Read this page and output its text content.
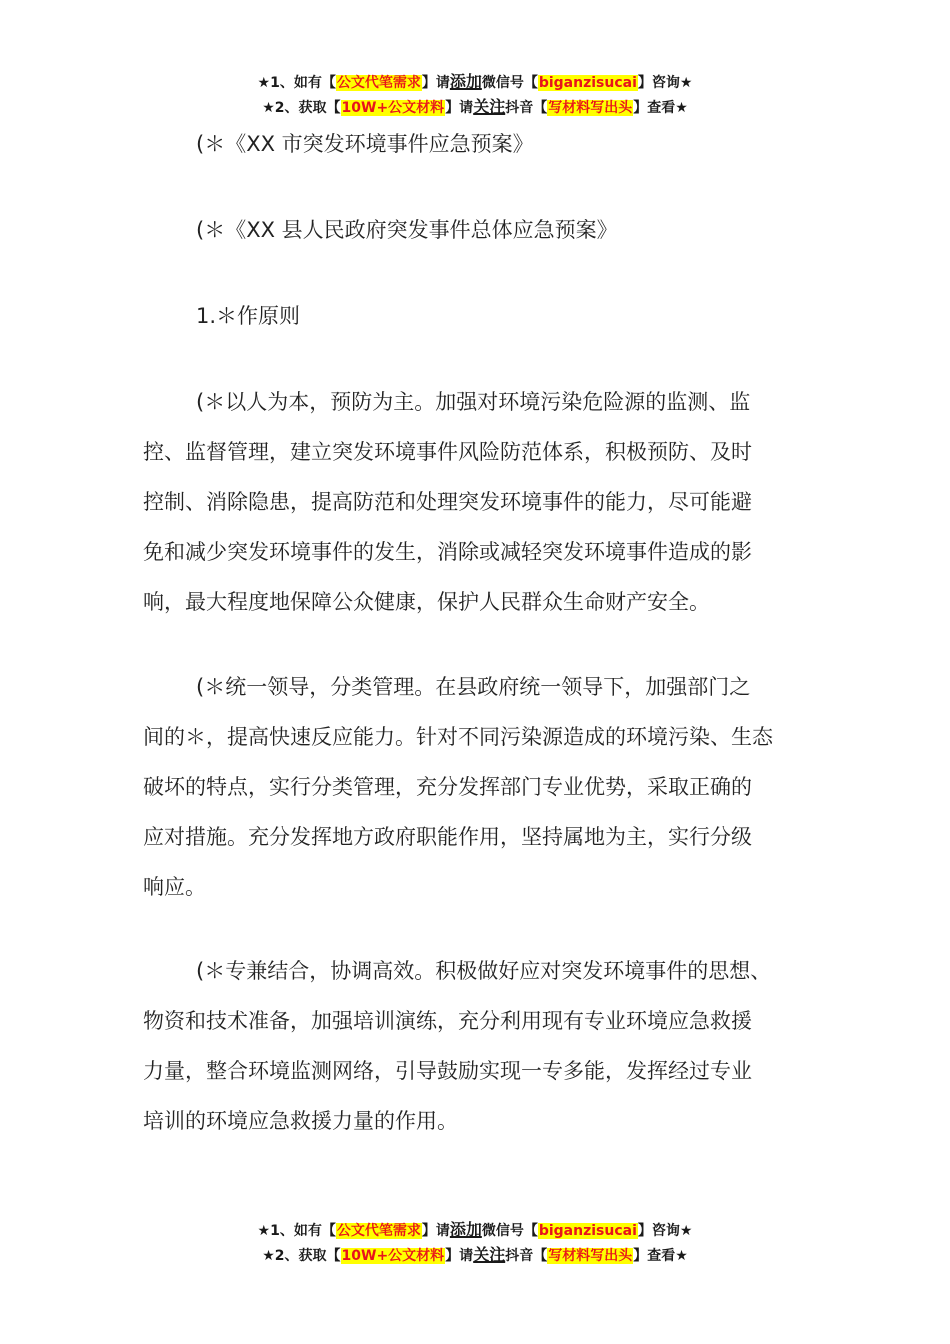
★1、如有【公文代笔需求】请添加微信号【biganzisucai】咨询★
★2、获取【10W+公文材料】请关注抖音【写材料写出头】查看★
(＊《XX 市突发环境事件应急预案》
(＊《XX 县人民政府突发事件总体应急预案》
1.＊作原则
(＊以人为本，预防为主。加强对环境污染危险源的监测、监
控、监督管理，建立突发环境事件风险防范体系，积极预防、及时
控制、消除隐患，提高防范和处理突发环境事件的能力，尽可能避
免和减少突发环境事件的发生，消除或减轻突发环境事件造成的影
响，最大程度地保障公众健康，保护人民群众生命财产安全。
(＊统一领导，分类管理。在县政府统一领导下，加强部门之
间的＊，提高快速反应能力。针对不同污染源造成的环境污染、生态
破坏的特点，实行分类管理，充分发挥部门专业优势，采取正确的
应对措施。充分发挥地方政府职能作用，坚持属地为主，实行分级
响应。
(＊专兼结合，协调高效。积极做好应对突发环境事件的思想、
物资和技术准备，加强培训演练，充分利用现有专业环境应急救援
力量，整合环境监测网络，引导鼓励实现一专多能，发挥经过专业
培训的环境应急救援力量的作用。
★1、如有【公文代笔需求】请添加微信号【biganzisucai】咨询★
★2、获取【10W+公文材料】请关注抖音【写材料写出头】查看★
